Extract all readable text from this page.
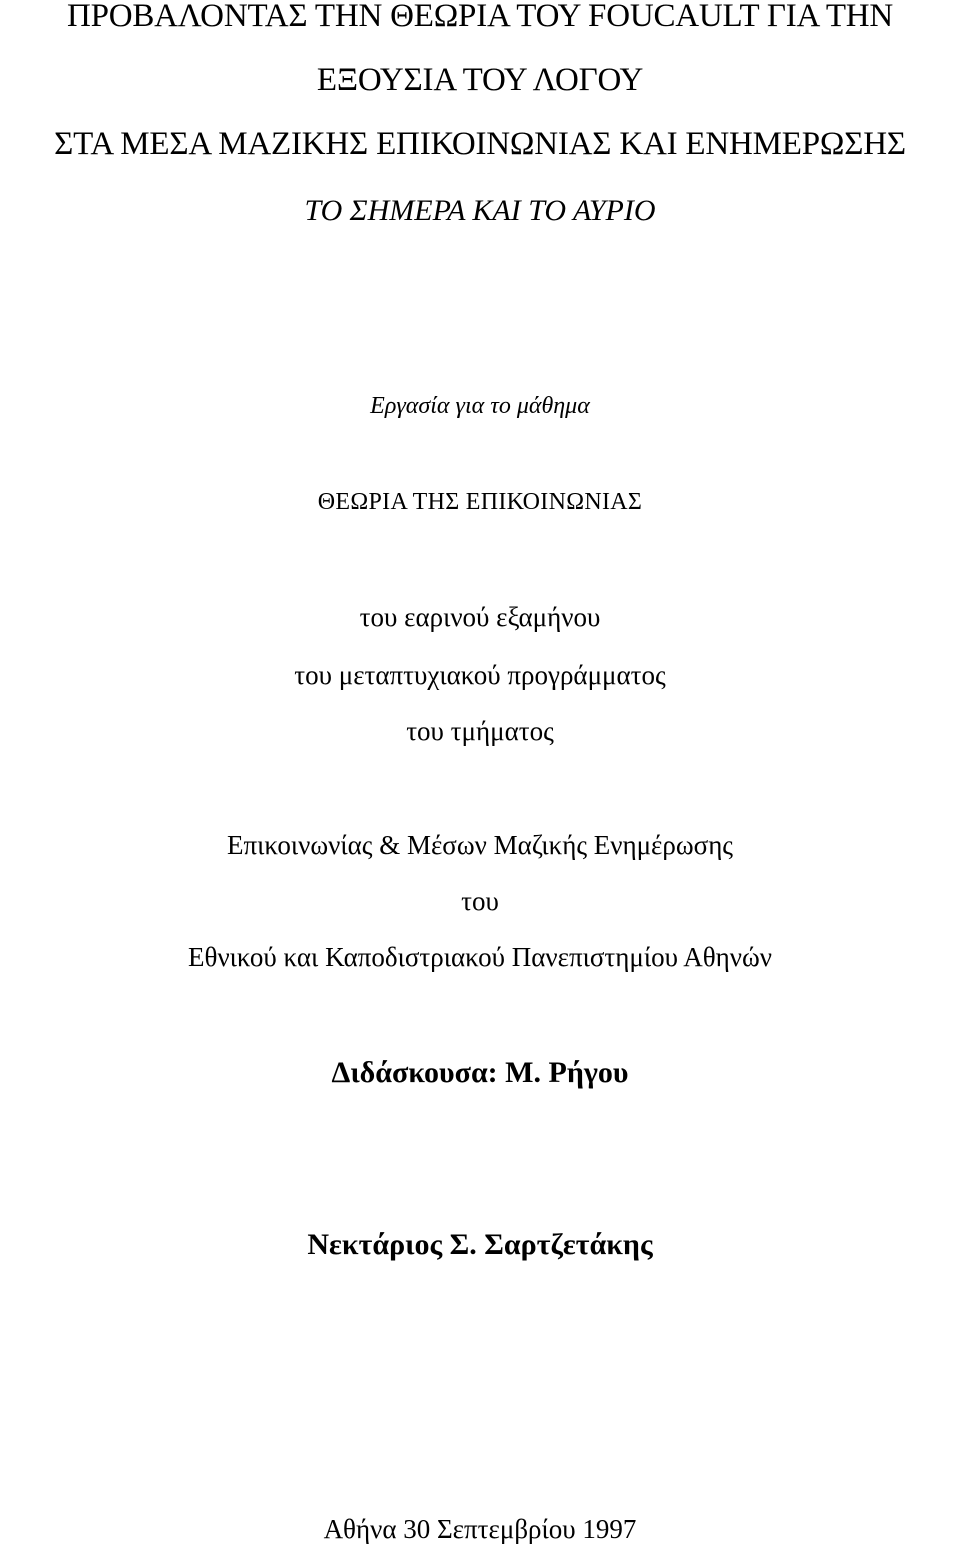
ΠΡΟΒΑΛΟΝΤΑΣ ΤΗΝ ΘΕΩΡΙΑ ΤΟΥ FOUCAULT ΓΙΑ ΤΗΝ
ΕΞΟΥΣΙΑ ΤΟΥ ΛΟΓΟΥ
ΣΤΑ ΜΕΣΑ ΜΑΖΙΚΗΣ ΕΠΙΚΟΙΝΩΝΙΑΣ ΚΑΙ ΕΝΗΜΕΡΩΣΗΣ
ΤΟ ΣΗΜΕΡΑ ΚΑΙ ΤΟ ΑΥΡΙΟ
Εργασία για το μάθημα
ΘΕΩΡΙΑ ΤΗΣ ΕΠΙΚΟΙΝΩΝΙΑΣ
του εαρινού εξαμήνου
του μεταπτυχιακού προγράμματος
του τμήματος
Επικοινωνίας & Μέσων Μαζικής Ενημέρωσης
του
Εθνικού και Καποδιστριακού Πανεπιστημίου Αθηνών
Διδάσκουσα: Μ. Ρήγου
Νεκτάριος Σ. Σαρτζετάκης
Αθήνα 30 Σεπτεμβρίου 1997
